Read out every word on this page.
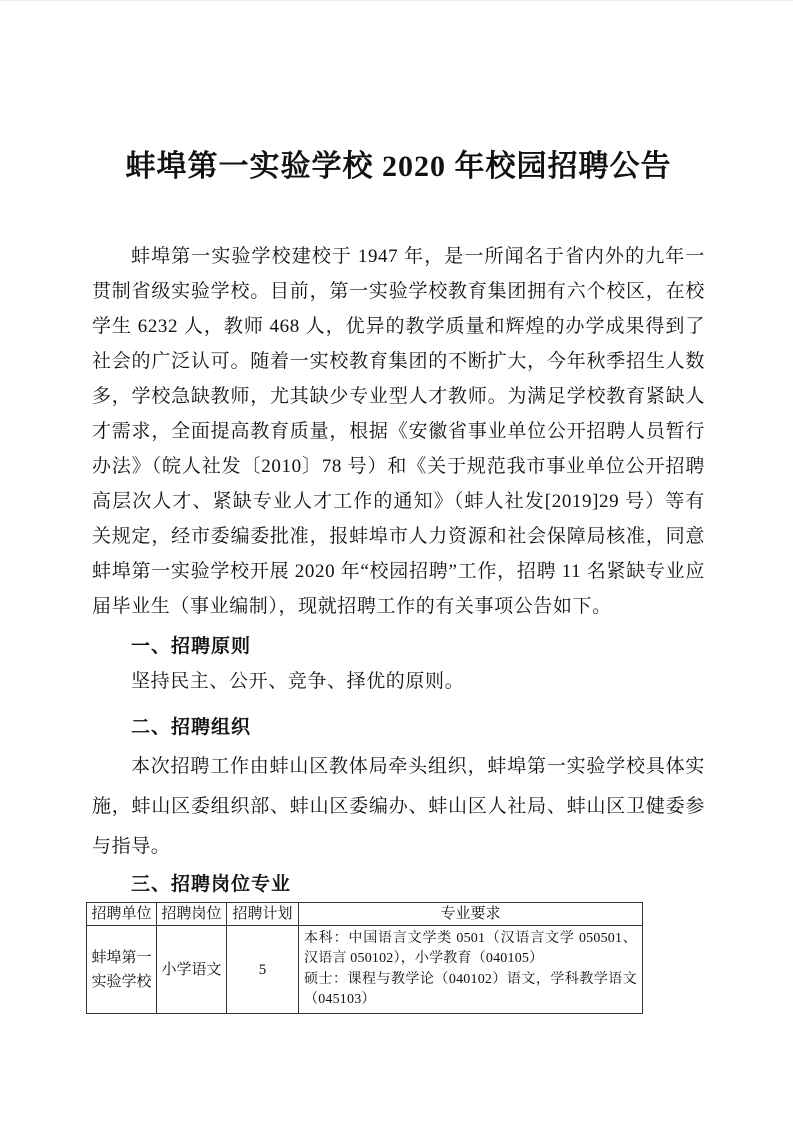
蚌埠第一实验学校 2020 年校园招聘公告

蚌埠第一实验学校建校于 1947 年，是一所闻名于省内外的九年一贯制省级实验学校。目前，第一实验学校教育集团拥有六个校区，在校学生 6232 人，教师 468 人，优异的教学质量和辉煌的办学成果得到了社会的广泛认可。随着一实校教育集团的不断扩大，今年秋季招生人数多，学校急缺教师，尤其缺少专业型人才教师。为满足学校教育紧缺人才需求，全面提高教育质量，根据《安徽省事业单位公开招聘人员暂行办法》（皖人社发〔2010〕78 号）和《关于规范我市事业单位公开招聘高层次人才、紧缺专业人才工作的通知》（蚌人社发[2019]29 号）等有关规定，经市委编委批准，报蚌埠市人力资源和社会保障局核准，同意蚌埠第一实验学校开展 2020 年“校园招聘”工作，招聘 11 名紧缺专业应届毕业生（事业编制），现就招聘工作的有关事项公告如下。

一、招聘原则

坚持民主、公开、竞争、择优的原则。

二、招聘组织

本次招聘工作由蚌山区教体局牵头组织，蚌埠第一实验学校具体实施，蚌山区委组织部、蚌山区委编办、蚌山区人社局、蚌山区卫健委参与指导。

三、招聘岗位专业
招聘单位	招聘岗位	招聘计划	专业要求
蚌埠第一实验学校	小学语文	5	本科：中国语言文学类 0501（汉语言文学 050501、汉语言 050102），小学教育（040105）
硕士：课程与教学论（040102）语文，学科教学语文（045103）
